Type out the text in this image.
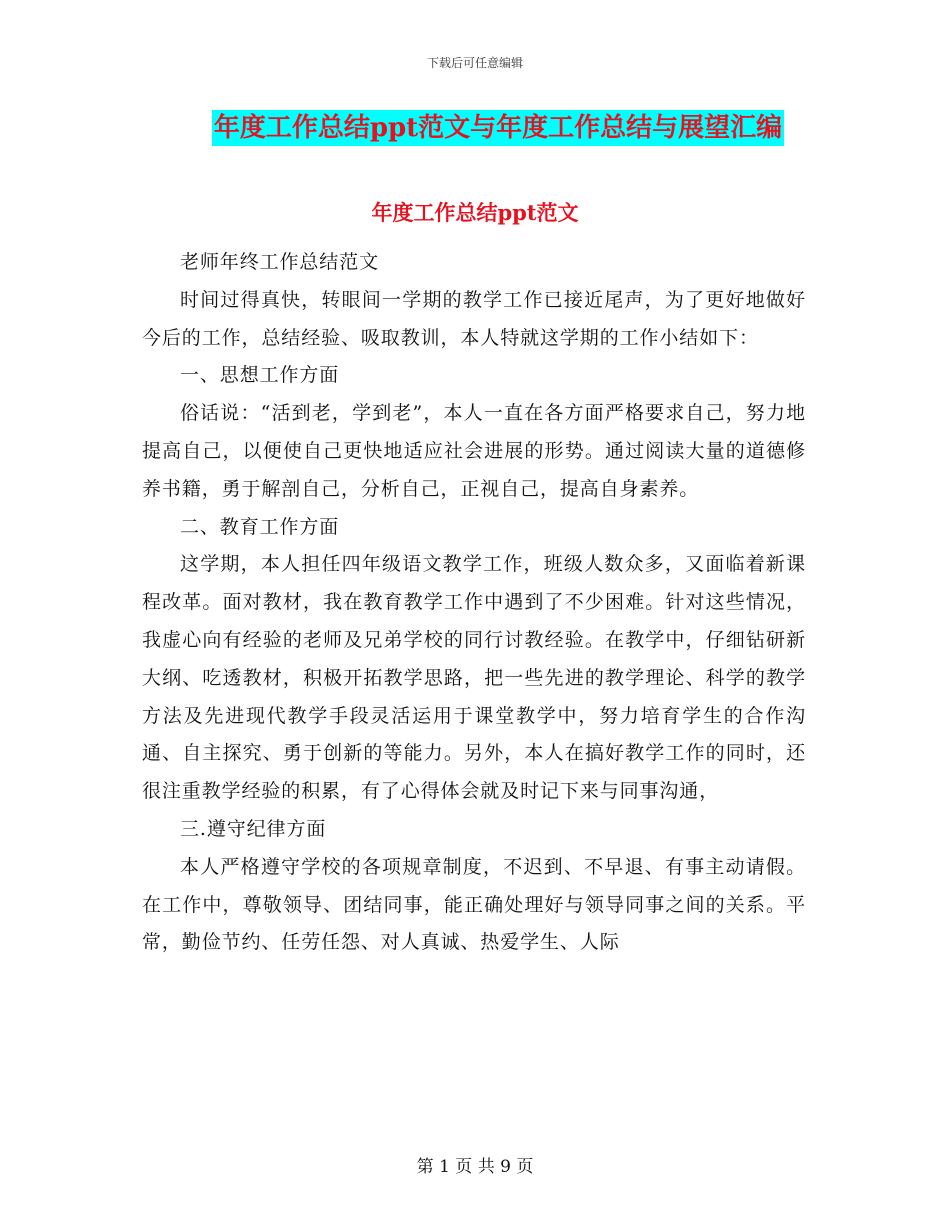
下载后可任意编辑
年度工作总结ppt范文与年度工作总结与展望汇编
年度工作总结ppt范文

老师年终工作总结范文

时间过得真快，转眼间一学期的教学工作已接近尾声，为了更好地做好今后的工作，总结经验、吸取教训，本人特就这学期的工作小结如下：

一、思想工作方面

俗话说：“活到老，学到老”，本人一直在各方面严格要求自己，努力地提高自己，以便使自己更快地适应社会进展的形势。通过阅读大量的道德修养书籍，勇于解剖自己，分析自己，正视自己，提高自身素养。

二、教育工作方面

这学期，本人担任四年级语文教学工作，班级人数众多，又面临着新课程改革。面对教材，我在教育教学工作中遇到了不少困难。针对这些情况，我虚心向有经验的老师及兄弟学校的同行讨教经验。在教学中，仔细钻研新大纲、吃透教材，积极开拓教学思路，把一些先进的教学理论、科学的教学方法及先进现代教学手段灵活运用于课堂教学中，努力培育学生的合作沟通、自主探究、勇于创新的等能力。另外，本人在搞好教学工作的同时，还很注重教学经验的积累，有了心得体会就及时记下来与同事沟通，

三.遵守纪律方面

本人严格遵守学校的各项规章制度，不迟到、不早退、有事主动请假。在工作中，尊敬领导、团结同事，能正确处理好与领导同事之间的关系。平常，勤俭节约、任劳任怨、对人真诚、热爱学生、人际

第 1 页 共 9 页
